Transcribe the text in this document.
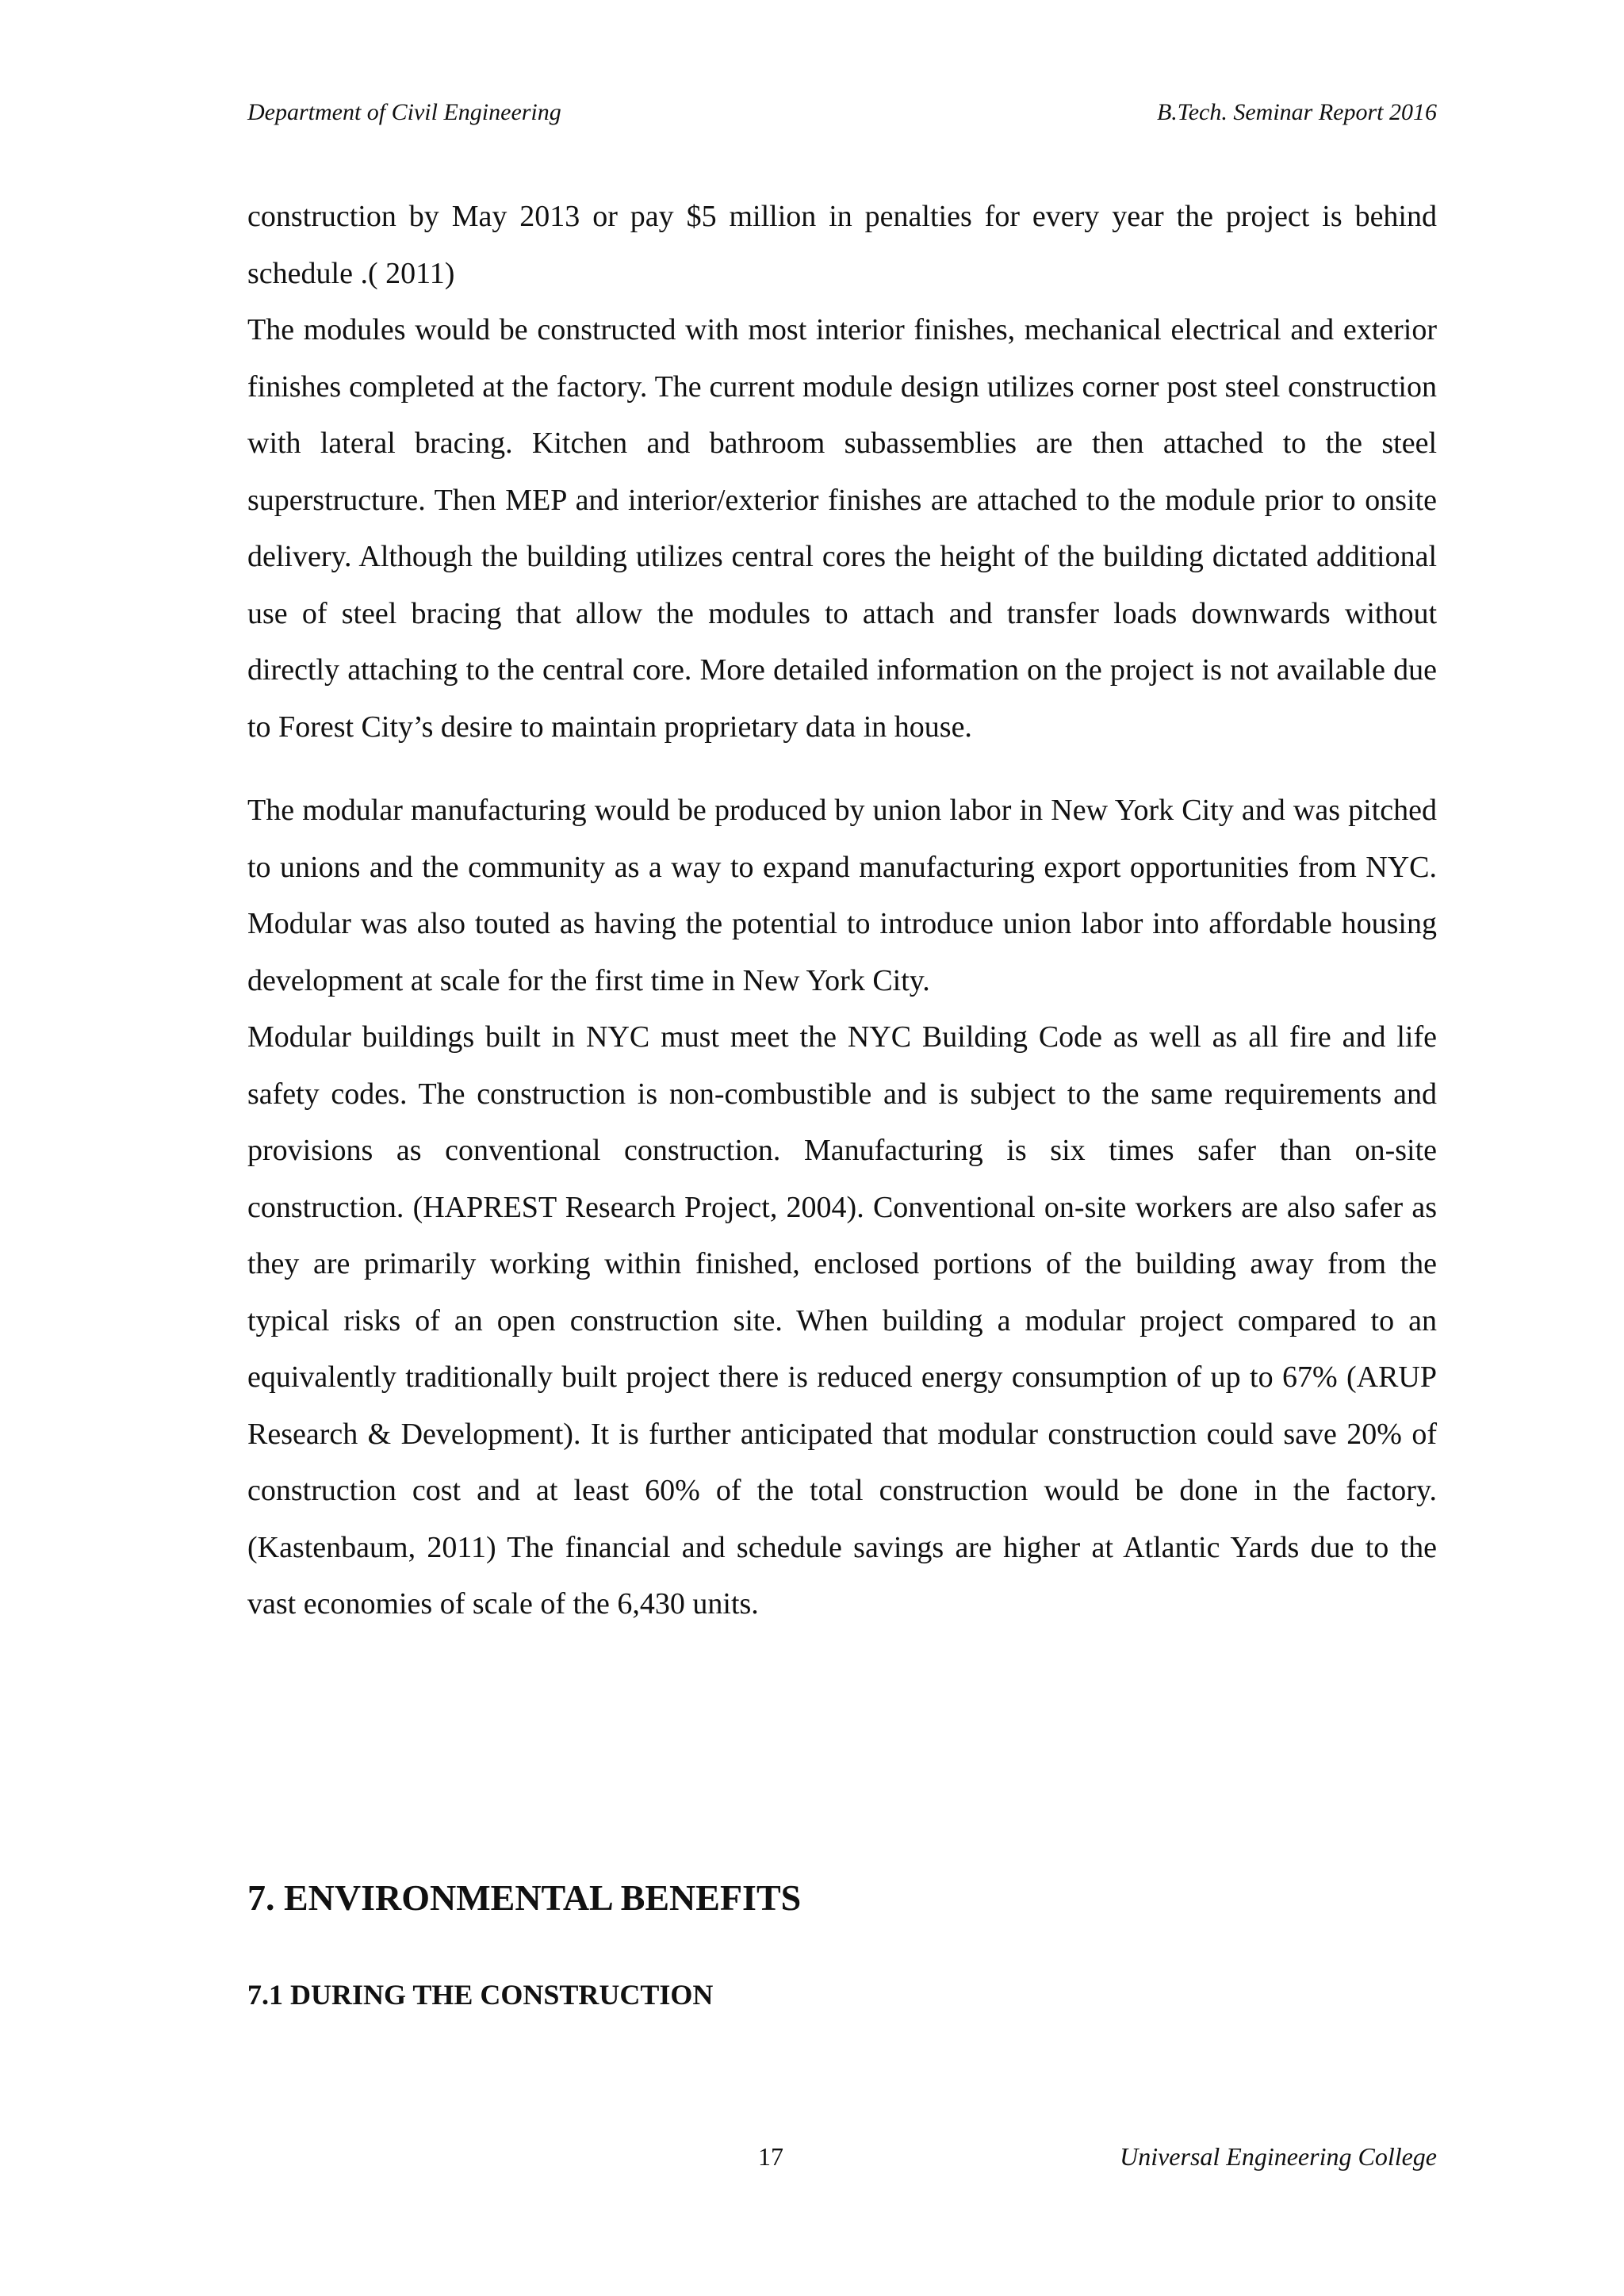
Department of Civil Engineering	B.Tech. Seminar Report 2016

construction by May 2013 or pay $5 million in penalties for every year the project is behind schedule .( 2011)

The modules would be constructed with most interior finishes, mechanical electrical and exterior finishes completed at the factory. The current module design utilizes corner post steel construction with lateral bracing. Kitchen and bathroom subassemblies are then attached to the steel superstructure. Then MEP and interior/exterior finishes are attached to the module prior to onsite delivery. Although the building utilizes central cores the height of the building dictated additional use of steel bracing that allow the modules to attach and transfer loads downwards without directly attaching to the central core. More detailed information on the project is not available due to Forest City’s desire to maintain proprietary data in house.

The modular manufacturing would be produced by union labor in New York City and was pitched to unions and the community as a way to expand manufacturing export opportunities from NYC. Modular was also touted as having the potential to introduce union labor into affordable housing development at scale for the first time in New York City.

Modular buildings built in NYC must meet the NYC Building Code as well as all fire and life safety codes. The construction is non-combustible and is subject to the same requirements and provisions as conventional construction. Manufacturing is six times safer than on-site construction. (HAPREST Research Project, 2004). Conventional on-site workers are also safer as they are primarily working within finished, enclosed portions of the building away from the typical risks of an open construction site. When building a modular project compared to an equivalently traditionally built project there is reduced energy consumption of up to 67% (ARUP Research & Development). It is further anticipated that modular construction could save 20% of construction cost and at least 60% of the total construction would be done in the factory. (Kastenbaum, 2011) The financial and schedule savings are higher at Atlantic Yards due to the vast economies of scale of the 6,430 units.

7. ENVIRONMENTAL BENEFITS
7.1 DURING THE CONSTRUCTION
17	Universal Engineering College
